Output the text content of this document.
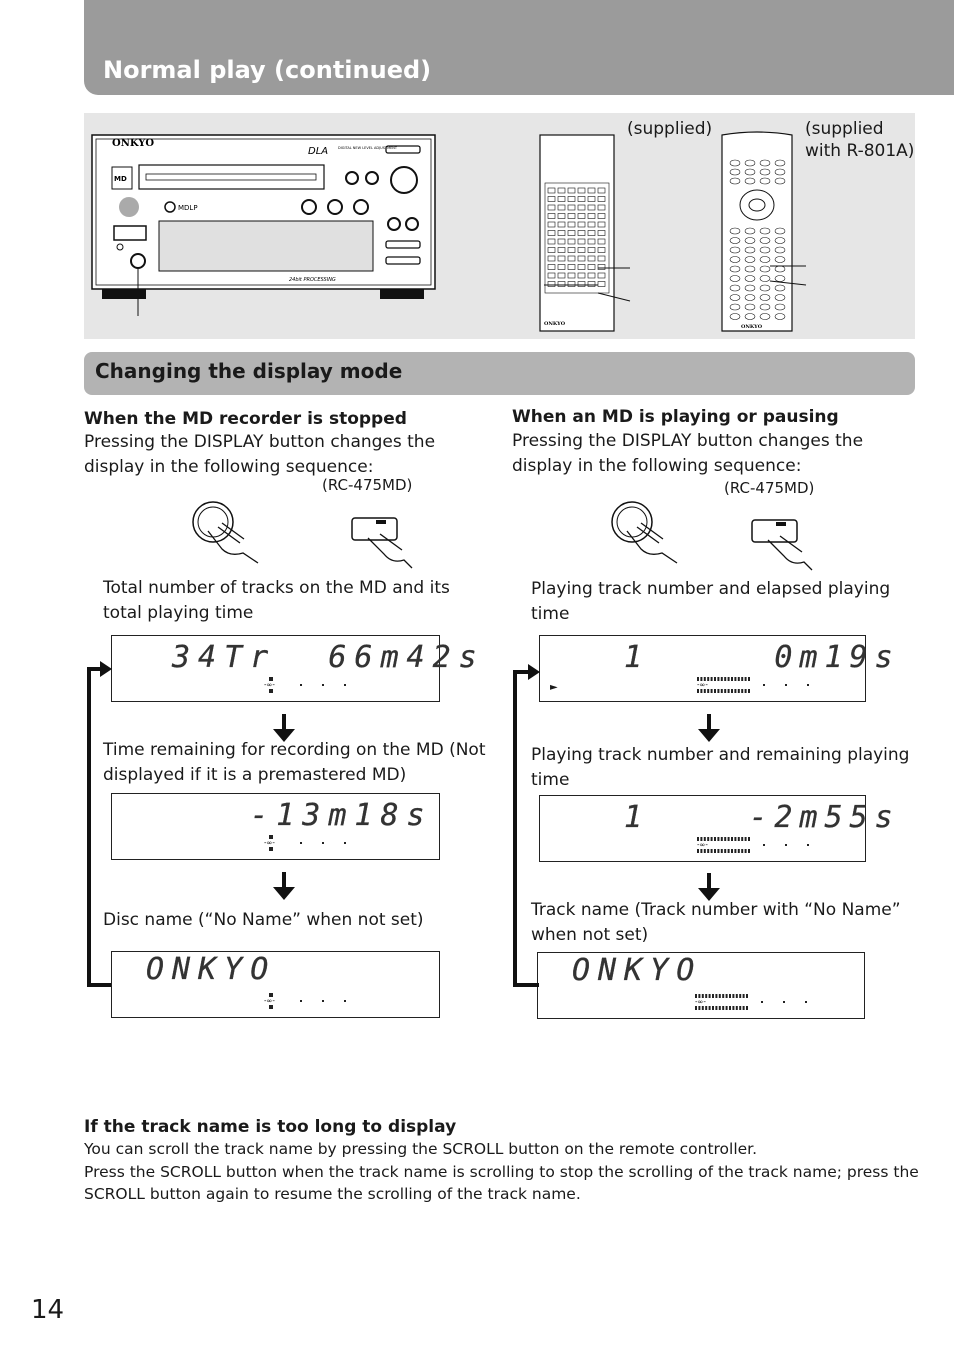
Normal play (continued)
ONKYO
DLA	DIGITAL NEW LEVEL ADJUSTMENT
MD
MDLP
24bit PROCESSING
ONKYO	ONKYO
(supplied)	(supplied
with R-801A)
Changing the display mode
When the MD recorder is stopped
Pressing the DISPLAY button changes the display in the following sequence:
(RC-475MD)
Total number of tracks on the MD and its total playing time
34Tr  66m42s
-∞-
Time remaining for recording on the MD (Not displayed if it is a premastered MD)
-13m18s
-∞-
Disc name (“No Name” when not set)
ONKYO
-∞-
When an MD is playing or pausing
Pressing the DISPLAY button changes the display in the following sequence:
(RC-475MD)
Playing track number and elapsed playing time
1     0m19s
►	-∞-
Playing track number and remaining playing time
1    -2m55s
-∞-
Track name (Track number with “No Name” when not set)
ONKYO
-∞-

If the track name is too long to display

You can scroll the track name by pressing the SCROLL button on the remote controller.

Press the SCROLL button when the track name is scrolling to stop the scrolling of the track name; press the SCROLL button again to resume the scrolling of the track name.

14
